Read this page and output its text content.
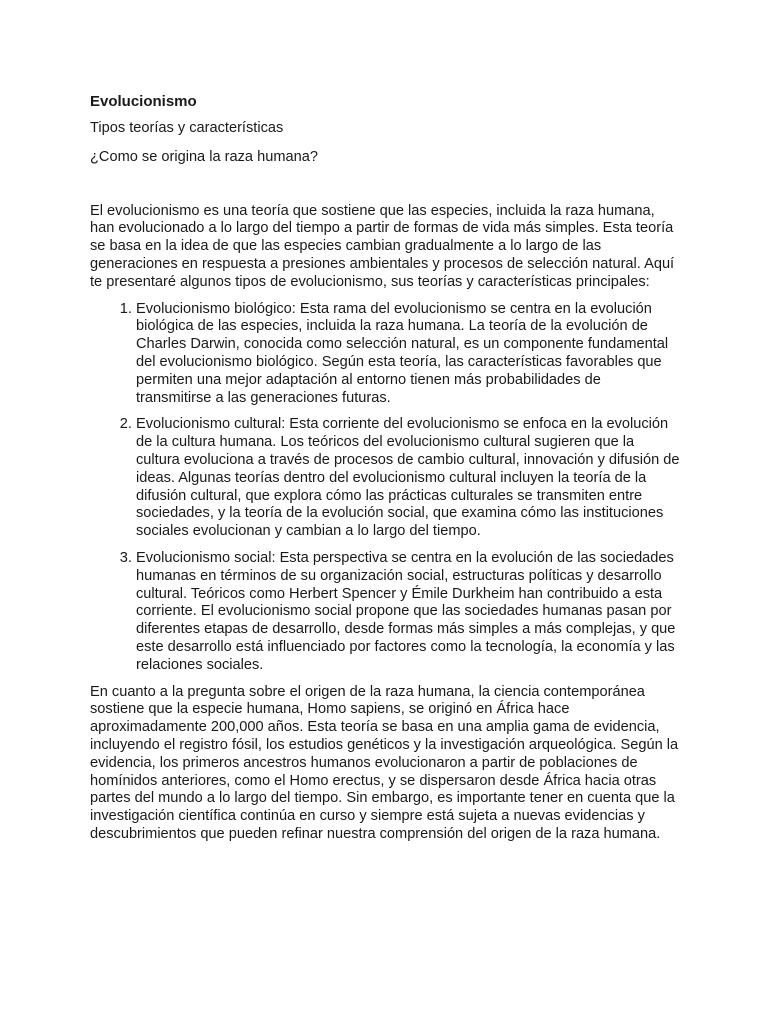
Evolucionismo

Tipos teorías y características

¿Como se origina la raza humana?

El evolucionismo es una teoría que sostiene que las especies, incluida la raza humana, han evolucionado a lo largo del tiempo a partir de formas de vida más simples. Esta teoría se basa en la idea de que las especies cambian gradualmente a lo largo de las generaciones en respuesta a presiones ambientales y procesos de selección natural. Aquí te presentaré algunos tipos de evolucionismo, sus teorías y características principales:

1. Evolucionismo biológico: Esta rama del evolucionismo se centra en la evolución biológica de las especies, incluida la raza humana. La teoría de la evolución de Charles Darwin, conocida como selección natural, es un componente fundamental del evolucionismo biológico. Según esta teoría, las características favorables que permiten una mejor adaptación al entorno tienen más probabilidades de transmitirse a las generaciones futuras.
2. Evolucionismo cultural: Esta corriente del evolucionismo se enfoca en la evolución de la cultura humana. Los teóricos del evolucionismo cultural sugieren que la cultura evoluciona a través de procesos de cambio cultural, innovación y difusión de ideas. Algunas teorías dentro del evolucionismo cultural incluyen la teoría de la difusión cultural, que explora cómo las prácticas culturales se transmiten entre sociedades, y la teoría de la evolución social, que examina cómo las instituciones sociales evolucionan y cambian a lo largo del tiempo.
3. Evolucionismo social: Esta perspectiva se centra en la evolución de las sociedades humanas en términos de su organización social, estructuras políticas y desarrollo cultural. Teóricos como Herbert Spencer y Émile Durkheim han contribuido a esta corriente. El evolucionismo social propone que las sociedades humanas pasan por diferentes etapas de desarrollo, desde formas más simples a más complejas, y que este desarrollo está influenciado por factores como la tecnología, la economía y las relaciones sociales.

En cuanto a la pregunta sobre el origen de la raza humana, la ciencia contemporánea sostiene que la especie humana, Homo sapiens, se originó en África hace aproximadamente 200,000 años. Esta teoría se basa en una amplia gama de evidencia, incluyendo el registro fósil, los estudios genéticos y la investigación arqueológica. Según la evidencia, los primeros ancestros humanos evolucionaron a partir de poblaciones de homínidos anteriores, como el Homo erectus, y se dispersaron desde África hacia otras partes del mundo a lo largo del tiempo. Sin embargo, es importante tener en cuenta que la investigación científica continúa en curso y siempre está sujeta a nuevas evidencias y descubrimientos que pueden refinar nuestra comprensión del origen de la raza humana.
